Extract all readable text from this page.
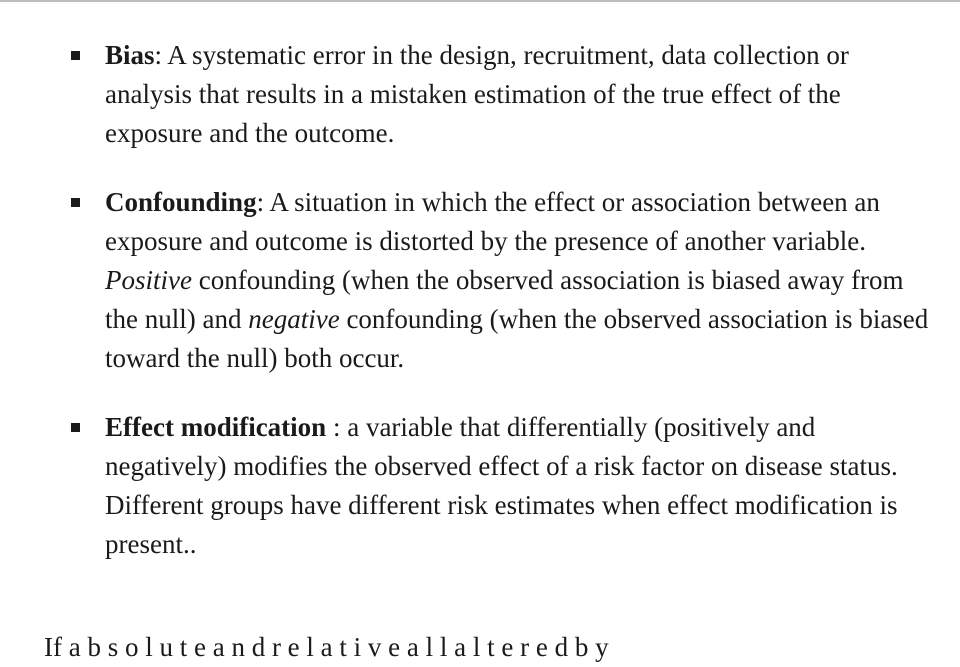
Bias: A systematic error in the design, recruitment, data collection or analysis that results in a mistaken estimation of the true effect of the exposure and the outcome.
Confounding: A situation in which the effect or association between an exposure and outcome is distorted by the presence of another variable. Positive confounding (when the observed association is biased away from the null) and negative confounding (when the observed association is biased toward the null) both occur.
Effect modification : a variable that differentially (positively and negatively) modifies the observed effect of a risk factor on disease status. Different groups have different risk estimates when effect modification is present..
If a b s o l u t e a n d r e l a t i v e a l l a l t e r e d b y
